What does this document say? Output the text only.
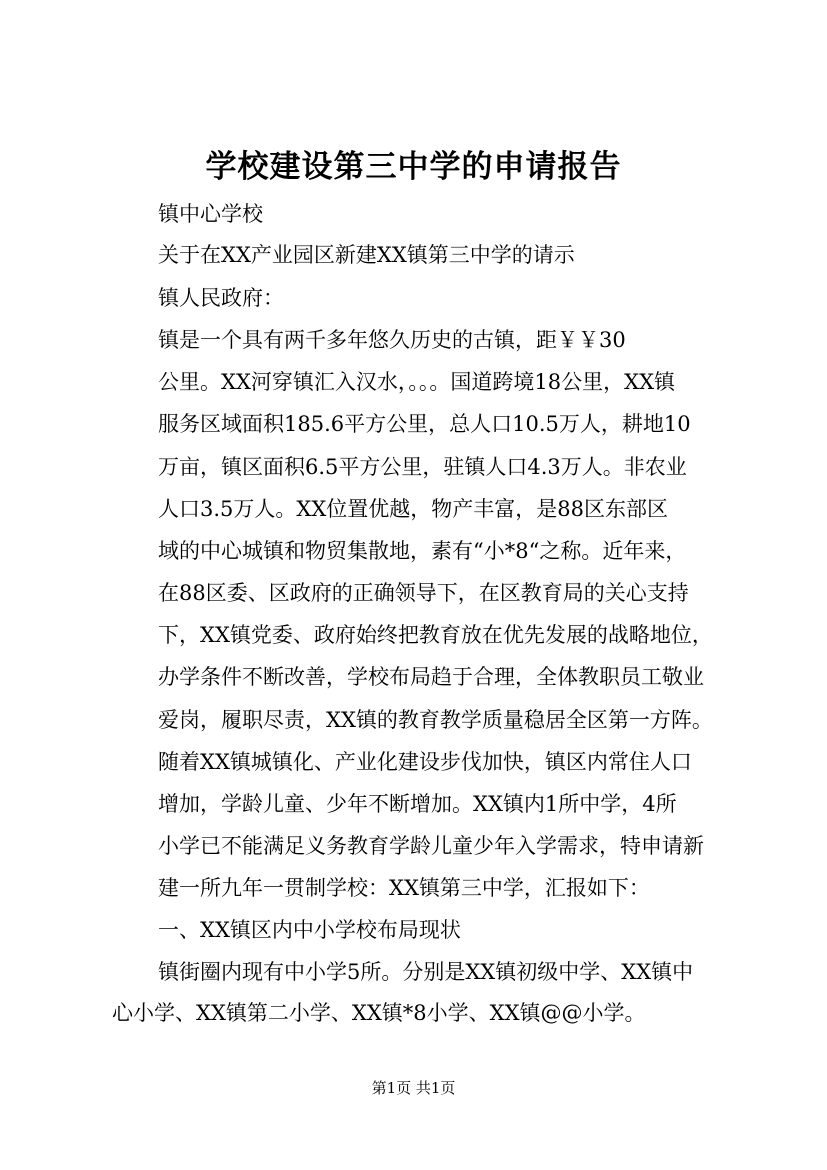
学校建设第三中学的申请报告
镇中心学校
关于在XX产业园区新建XX镇第三中学的请示
镇人民政府：
镇是一个具有两千多年悠久历史的古镇，距￥￥30
公里。XX河穿镇汇入汉水，。。。国道跨境18公里，XX镇
服务区域面积185.6平方公里，总人口10.5万人，耕地10
万亩，镇区面积6.5平方公里，驻镇人口4.3万人。非农业
人口3.5万人。XX位置优越，物产丰富，是88区东部区
域的中心城镇和物贸集散地，素有“小*8“之称。近年来，
在88区委、区政府的正确领导下，在区教育局的关心支持
下，XX镇党委、政府始终把教育放在优先发展的战略地位，
办学条件不断改善，学校布局趋于合理，全体教职员工敬业
爱岗，履职尽责，XX镇的教育教学质量稳居全区第一方阵。
随着XX镇城镇化、产业化建设步伐加快，镇区内常住人口
增加，学龄儿童、少年不断增加。XX镇内1所中学，4所
小学已不能满足义务教育学龄儿童少年入学需求，特申请新
建一所九年一贯制学校：XX镇第三中学，汇报如下：
一、XX镇区内中小学校布局现状
镇街圈内现有中小学5所。分别是XX镇初级中学、XX镇中
心小学、XX镇第二小学、XX镇*8小学、XX镇@@小学。
第1页 共1页
